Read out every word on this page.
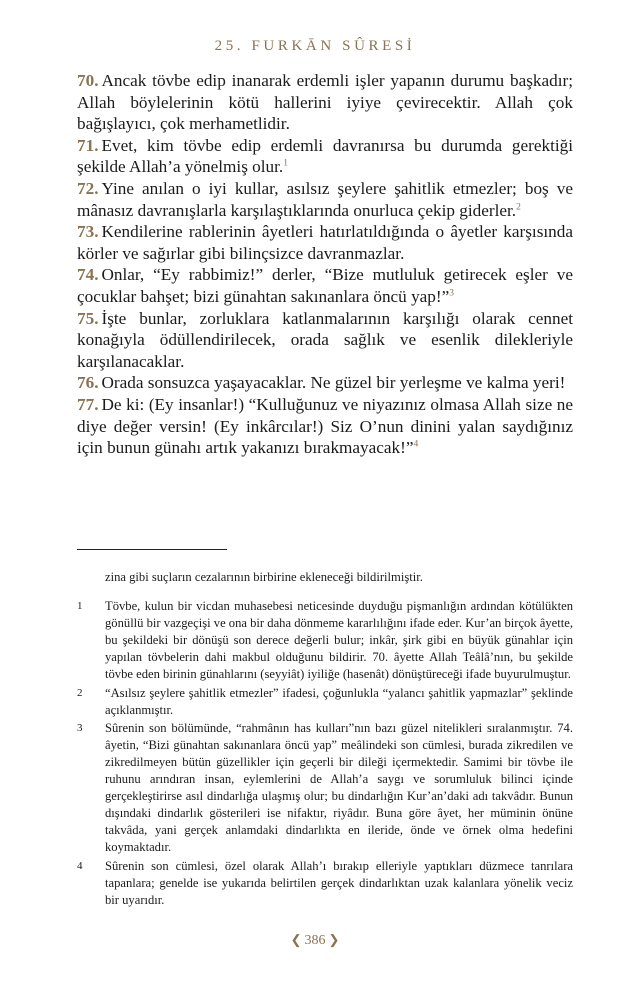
25. FURKĀN SÛRESİ

70. Ancak tövbe edip inanarak erdemli işler yapanın durumu başkadır; Allah böylelerinin kötü hallerini iyiye çevirecektir. Allah çok bağışlayıcı, çok merhametlidir.

71. Evet, kim tövbe edip erdemli davranırsa bu durumda gerektiği şekilde Allah’a yönelmiş olur.$^1$

72. Yine anılan o iyi kullar, asılsız şeylere şahitlik etmezler; boş ve mânasız davranışlarla karşılaştıklarında onurluca çekip giderler.$^2$

73. Kendilerine rablerinin âyetleri hatırlatıldığında o âyetler karşısında körler ve sağırlar gibi bilinçsizce davranmazlar.

74. Onlar, “Ey rabbimiz!” derler, “Bize mutluluk getirecek eşler ve çocuklar bahşet; bizi günahtan sakınanlara öncü yap!”$^3$

75. İşte bunlar, zorluklara katlanmalarının karşılığı olarak cennet konağıyla ödüllendirilecek, orada sağlık ve esenlik dilekleriyle karşılanacaklar.

76. Orada sonsuzca yaşayacaklar. Ne güzel bir yerleşme ve kalma yeri!

77. De ki: (Ey insanlar!) “Kulluğunuz ve niyazınız olmasa Allah size ne diye değer versin! (Ey inkârcılar!) Siz O’nun dinini yalan saydığınız için bunun günahı artık yakanızı bırakmayacak!”$^4$

zina gibi suçların cezalarının birbirine ekleneceği bildirilmiştir.

1	Tövbe, kulun bir vicdan muhasebesi neticesinde duyduğu pişmanlığın ardından kötülükten gönüllü bir vazgeçişi ve ona bir daha dönmeme kararlılığını ifade eder. Kur’an birçok âyette, bu şekildeki bir dönüşü son derece değerli bulur; inkâr, şirk gibi en büyük günahlar için yapılan tövbelerin dahi makbul olduğunu bildirir. 70. âyette Allah Teâlâ’nın, bu şekilde tövbe eden birinin günahlarını (seyyiât) iyiliğe (hasenât) dönüştüreceği ifade buyurulmuştur.
2	“Asılsız şeylere şahitlik etmezler” ifadesi, çoğunlukla “yalancı şahitlik yapmazlar” şeklinde açıklanmıştır.
3	Sûrenin son bölümünde, “rahmânın has kulları”nın bazı güzel nitelikleri sıralanmıştır. 74. âyetin, “Bizi günahtan sakınanlara öncü yap” meâlindeki son cümlesi, burada zikredilen ve zikredilmeyen bütün güzellikler için geçerli bir dileği içermektedir. Samimi bir tövbe ile ruhunu arındıran insan, eylemlerini de Allah’a saygı ve sorumluluk bilinci içinde gerçekleştirirse asıl dindarlığa ulaşmış olur; bu dindarlığın Kur’an’daki adı takvâdır. Bunun dışındaki dindarlık gösterileri ise nifaktır, riyâdır. Buna göre âyet, her müminin önüne takvâda, yani gerçek anlamdaki dindarlıkta en ileride, önde ve örnek olma hedefini koymaktadır.
4	Sûrenin son cümlesi, özel olarak Allah’ı bırakıp elleriyle yaptıkları düzmece tanrılara tapanlara; genelde ise yukarıda belirtilen gerçek dindarlıktan uzak kalanlara yönelik veciz bir uyarıdır.
❮ 386 ❯
